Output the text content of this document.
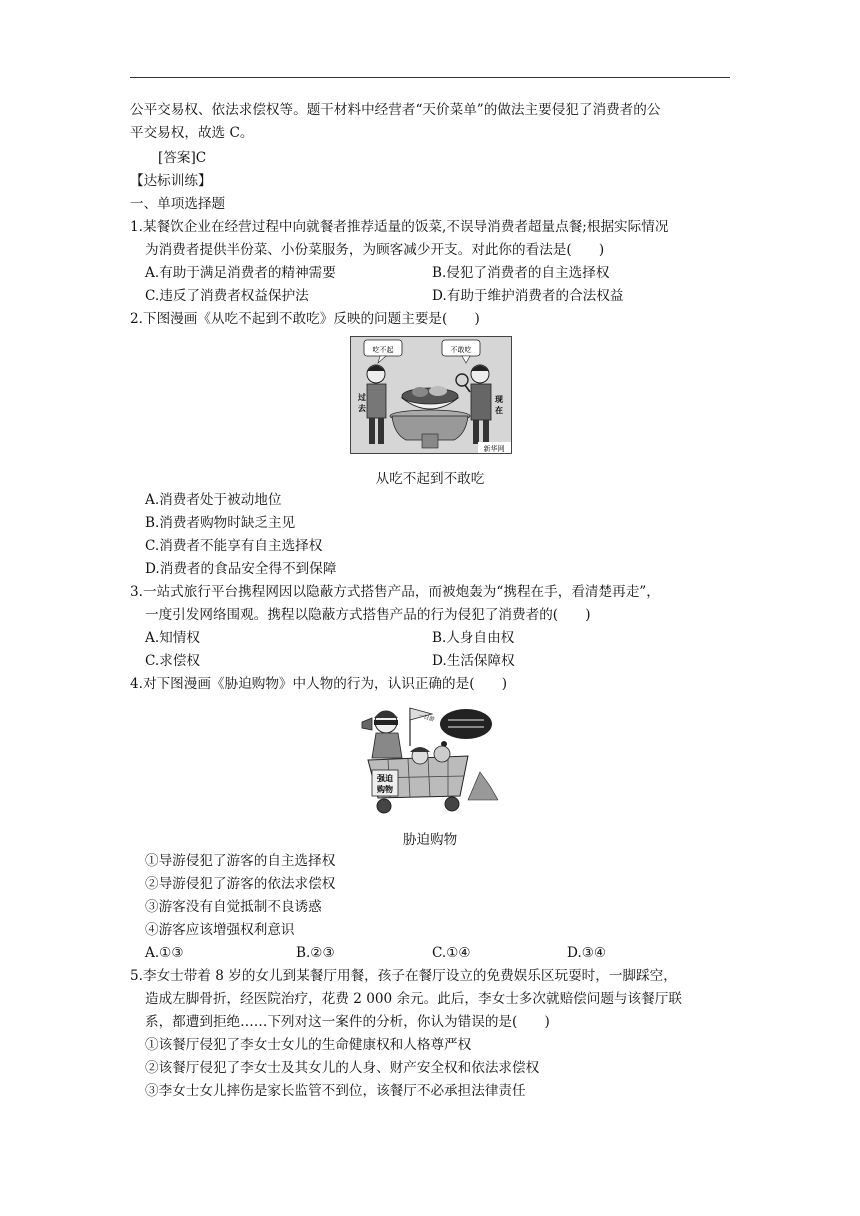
公平交易权、依法求偿权等。题干材料中经营者“天价菜单”的做法主要侵犯了消费者的公
平交易权，故选 C。
[答案]C
【达标训练】
一、单项选择题
1.某餐饮企业在经营过程中向就餐者推荐适量的饭菜,不误导消费者超量点餐;根据实际情况
为消费者提供半份菜、小份菜服务，为顾客减少开支。对此你的看法是(　　)
A.有助于满足消费者的精神需要	B.侵犯了消费者的自主选择权
C.违反了消费者权益保护法	D.有助于维护消费者的合法权益
2.下图漫画《从吃不起到不敢吃》反映的问题主要是(　　)
吃不起	不敢吃
过
去
现
在
新华网
从吃不起到不敢吃
A.消费者处于被动地位
B.消费者购物时缺乏主见
C.消费者不能享有自主选择权
D.消费者的食品安全得不到保障
3.一站式旅行平台携程网因以隐蔽方式搭售产品，而被炮轰为“携程在手，看清楚再走”，
一度引发网络围观。携程以隐蔽方式搭售产品的行为侵犯了消费者的(　　)
A.知情权	B.人身自由权
C.求偿权	D.生活保障权
4.对下图漫画《胁迫购物》中人物的行为，认识正确的是(　　)
一日游
强迫
购物
胁迫购物
①导游侵犯了游客的自主选择权
②导游侵犯了游客的依法求偿权
③游客没有自觉抵制不良诱惑
④游客应该增强权利意识
A.①③	B.②③	C.①④	D.③④
5.李女士带着 8 岁的女儿到某餐厅用餐，孩子在餐厅设立的免费娱乐区玩耍时，一脚踩空，
造成左脚骨折，经医院治疗，花费 2 000 余元。此后，李女士多次就赔偿问题与该餐厅联
系，都遭到拒绝……下列对这一案件的分析，你认为错误的是(　　)
①该餐厅侵犯了李女士女儿的生命健康权和人格尊严权
②该餐厅侵犯了李女士及其女儿的人身、财产安全权和依法求偿权
③李女士女儿摔伤是家长监管不到位，该餐厅不必承担法律责任
